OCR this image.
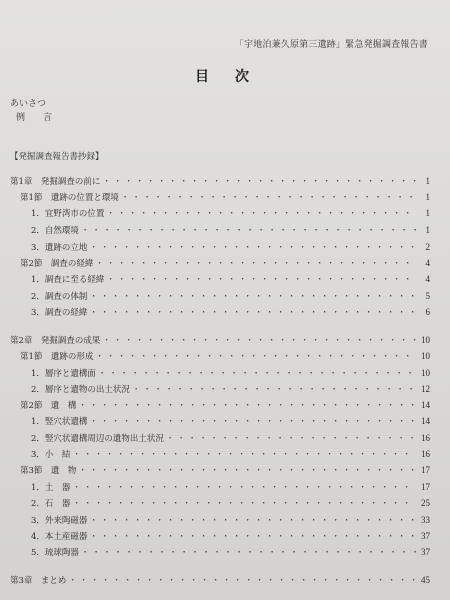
「宇地泊兼久原第三遺跡」緊急発掘調査報告書
目　次
あいさつ
例　　言
【発掘調査報告書抄録】
第1章　発掘調査の前に ・・・・・・・・・・・・・・・・・・・・・・・・・・・・・・・・・・・・・・・・・・・・・・・・・・・・・・・・・・・・・・・・・・・・・・	1
第1節　遺跡の位置と環境 ・・・・・・・・・・・・・・・・・・・・・・・・・・・・・・・・・・・・・・・・・・・・・・・・・・・・・・・・・・・・・・・・・・・・・・	1
1．宜野湾市の位置 ・・・・・・・・・・・・・・・・・・・・・・・・・・・・・・・・・・・・・・・・・・・・・・・・・・・・・・・・・・・・・・・・・・・・・・	1
2．自然環境 ・・・・・・・・・・・・・・・・・・・・・・・・・・・・・・・・・・・・・・・・・・・・・・・・・・・・・・・・・・・・・・・・・・・・・・	1
3．遺跡の立地 ・・・・・・・・・・・・・・・・・・・・・・・・・・・・・・・・・・・・・・・・・・・・・・・・・・・・・・・・・・・・・・・・・・・・・・	2
第2節　調査の経緯 ・・・・・・・・・・・・・・・・・・・・・・・・・・・・・・・・・・・・・・・・・・・・・・・・・・・・・・・・・・・・・・・・・・・・・・	4
1．調査に至る経緯 ・・・・・・・・・・・・・・・・・・・・・・・・・・・・・・・・・・・・・・・・・・・・・・・・・・・・・・・・・・・・・・・・・・・・・・	4
2．調査の体制 ・・・・・・・・・・・・・・・・・・・・・・・・・・・・・・・・・・・・・・・・・・・・・・・・・・・・・・・・・・・・・・・・・・・・・・	5
3．調査の経緯 ・・・・・・・・・・・・・・・・・・・・・・・・・・・・・・・・・・・・・・・・・・・・・・・・・・・・・・・・・・・・・・・・・・・・・・	6
第2章　発掘調査の成果 ・・・・・・・・・・・・・・・・・・・・・・・・・・・・・・・・・・・・・・・・・・・・・・・・・・・・・・・・・・・・・・・・・・・・・・	10
第1節　遺跡の形成 ・・・・・・・・・・・・・・・・・・・・・・・・・・・・・・・・・・・・・・・・・・・・・・・・・・・・・・・・・・・・・・・・・・・・・・	10
1．層序と遺構面 ・・・・・・・・・・・・・・・・・・・・・・・・・・・・・・・・・・・・・・・・・・・・・・・・・・・・・・・・・・・・・・・・・・・・・・	10
2．層序と遺物の出土状況 ・・・・・・・・・・・・・・・・・・・・・・・・・・・・・・・・・・・・・・・・・・・・・・・・・・・・・・・・・・・・・・・・・・・・・・	12
第2節　遺　構 ・・・・・・・・・・・・・・・・・・・・・・・・・・・・・・・・・・・・・・・・・・・・・・・・・・・・・・・・・・・・・・・・・・・・・・	14
1．竪穴状遺構 ・・・・・・・・・・・・・・・・・・・・・・・・・・・・・・・・・・・・・・・・・・・・・・・・・・・・・・・・・・・・・・・・・・・・・・	14
2．竪穴状遺構周辺の遺物出土状況 ・・・・・・・・・・・・・・・・・・・・・・・・・・・・・・・・・・・・・・・・・・・・・・・・・・・・・・・・・・・・・・・・・・・・・・	16
3．小　結 ・・・・・・・・・・・・・・・・・・・・・・・・・・・・・・・・・・・・・・・・・・・・・・・・・・・・・・・・・・・・・・・・・・・・・・	16
第3節　遺　物 ・・・・・・・・・・・・・・・・・・・・・・・・・・・・・・・・・・・・・・・・・・・・・・・・・・・・・・・・・・・・・・・・・・・・・・	17
1．土　器 ・・・・・・・・・・・・・・・・・・・・・・・・・・・・・・・・・・・・・・・・・・・・・・・・・・・・・・・・・・・・・・・・・・・・・・	17
2．石　器 ・・・・・・・・・・・・・・・・・・・・・・・・・・・・・・・・・・・・・・・・・・・・・・・・・・・・・・・・・・・・・・・・・・・・・・	25
3．外来陶磁器 ・・・・・・・・・・・・・・・・・・・・・・・・・・・・・・・・・・・・・・・・・・・・・・・・・・・・・・・・・・・・・・・・・・・・・・	33
4．本土産磁器 ・・・・・・・・・・・・・・・・・・・・・・・・・・・・・・・・・・・・・・・・・・・・・・・・・・・・・・・・・・・・・・・・・・・・・・	37
5．琉球陶器 ・・・・・・・・・・・・・・・・・・・・・・・・・・・・・・・・・・・・・・・・・・・・・・・・・・・・・・・・・・・・・・・・・・・・・・	37
第3章　まとめ ・・・・・・・・・・・・・・・・・・・・・・・・・・・・・・・・・・・・・・・・・・・・・・・・・・・・・・・・・・・・・・・・・・・・・・	45
